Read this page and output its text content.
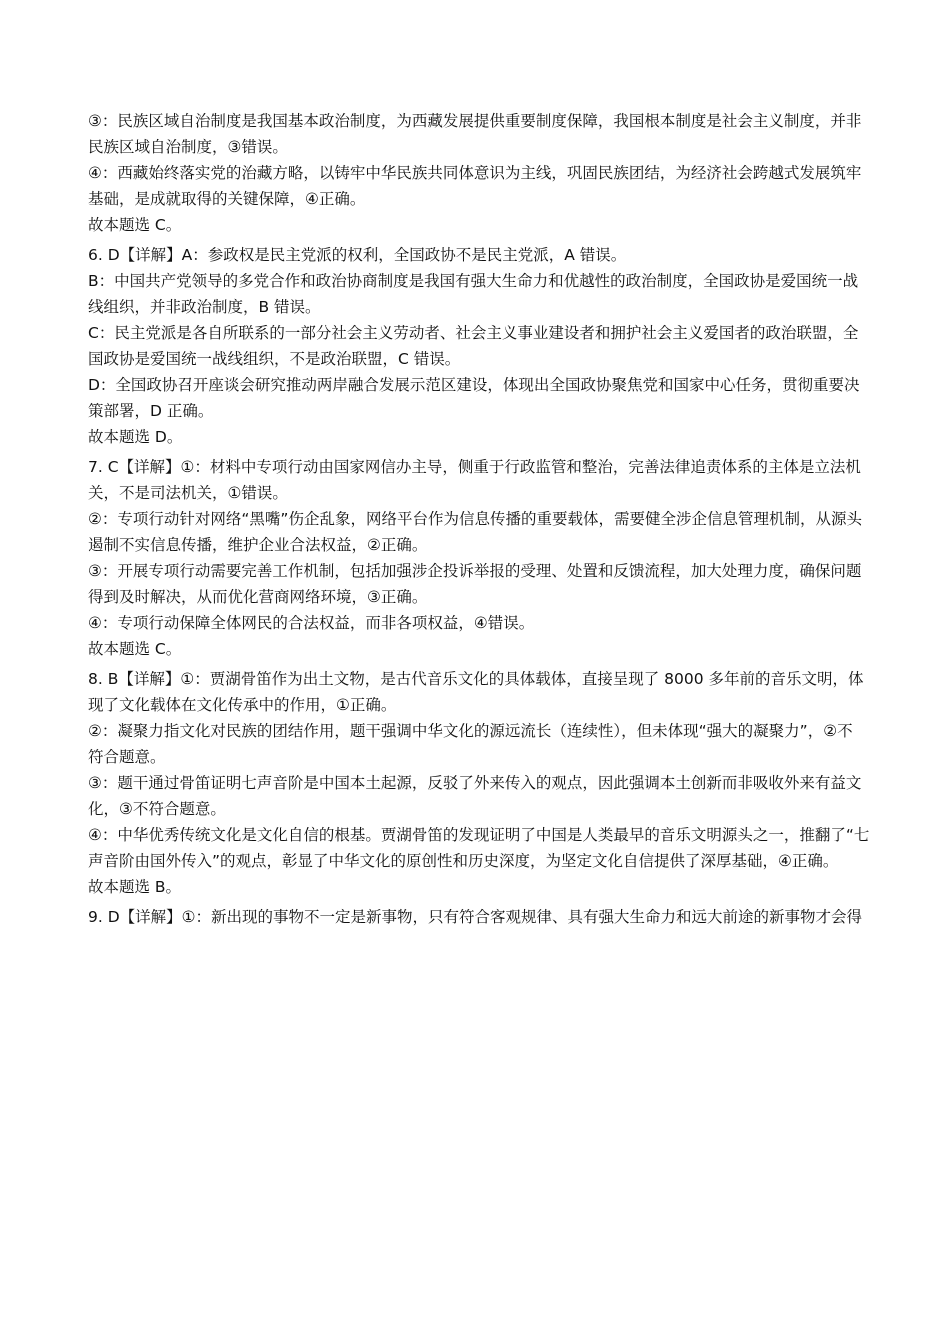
③：民族区域自治制度是我国基本政治制度，为西藏发展提供重要制度保障，我国根本制度是社会主义制度，并非

民族区域自治制度，③错误。

④：西藏始终落实党的治藏方略，以铸牢中华民族共同体意识为主线，巩固民族团结，为经济社会跨越式发展筑牢

基础，是成就取得的关键保障，④正确。

故本题选 C。

6. D【详解】A：参政权是民主党派的权利，全国政协不是民主党派，A 错误。

B：中国共产党领导的多党合作和政治协商制度是我国有强大生命力和优越性的政治制度，全国政协是爱国统一战

线组织，并非政治制度，B 错误。

C：民主党派是各自所联系的一部分社会主义劳动者、社会主义事业建设者和拥护社会主义爱国者的政治联盟，全

国政协是爱国统一战线组织，不是政治联盟，C 错误。

D：全国政协召开座谈会研究推动两岸融合发展示范区建设，体现出全国政协聚焦党和国家中心任务，贯彻重要决

策部署，D 正确。

故本题选 D。

7. C【详解】①：材料中专项行动由国家网信办主导，侧重于行政监管和整治，完善法律追责体系的主体是立法机

关，不是司法机关，①错误。

②：专项行动针对网络“黑嘴”伤企乱象，网络平台作为信息传播的重要载体，需要健全涉企信息管理机制，从源头

遏制不实信息传播，维护企业合法权益，②正确。

③：开展专项行动需要完善工作机制，包括加强涉企投诉举报的受理、处置和反馈流程，加大处理力度，确保问题

得到及时解决，从而优化营商网络环境，③正确。

④：专项行动保障全体网民的合法权益，而非各项权益，④错误。

故本题选 C。

8. B【详解】①：贾湖骨笛作为出土文物，是古代音乐文化的具体载体，直接呈现了 8000 多年前的音乐文明，体

现了文化载体在文化传承中的作用，①正确。

②：凝聚力指文化对民族的团结作用，题干强调中华文化的源远流长（连续性），但未体现“强大的凝聚力”，②不

符合题意。

③：题干通过骨笛证明七声音阶是中国本土起源，反驳了外来传入的观点，因此强调本土创新而非吸收外来有益文

化，③不符合题意。

④：中华优秀传统文化是文化自信的根基。贾湖骨笛的发现证明了中国是人类最早的音乐文明源头之一，推翻了“七

声音阶由国外传入”的观点，彰显了中华文化的原创性和历史深度，为坚定文化自信提供了深厚基础，④正确。

故本题选 B。

9. D【详解】①：新出现的事物不一定是新事物，只有符合客观规律、具有强大生命力和远大前途的新事物才会得
